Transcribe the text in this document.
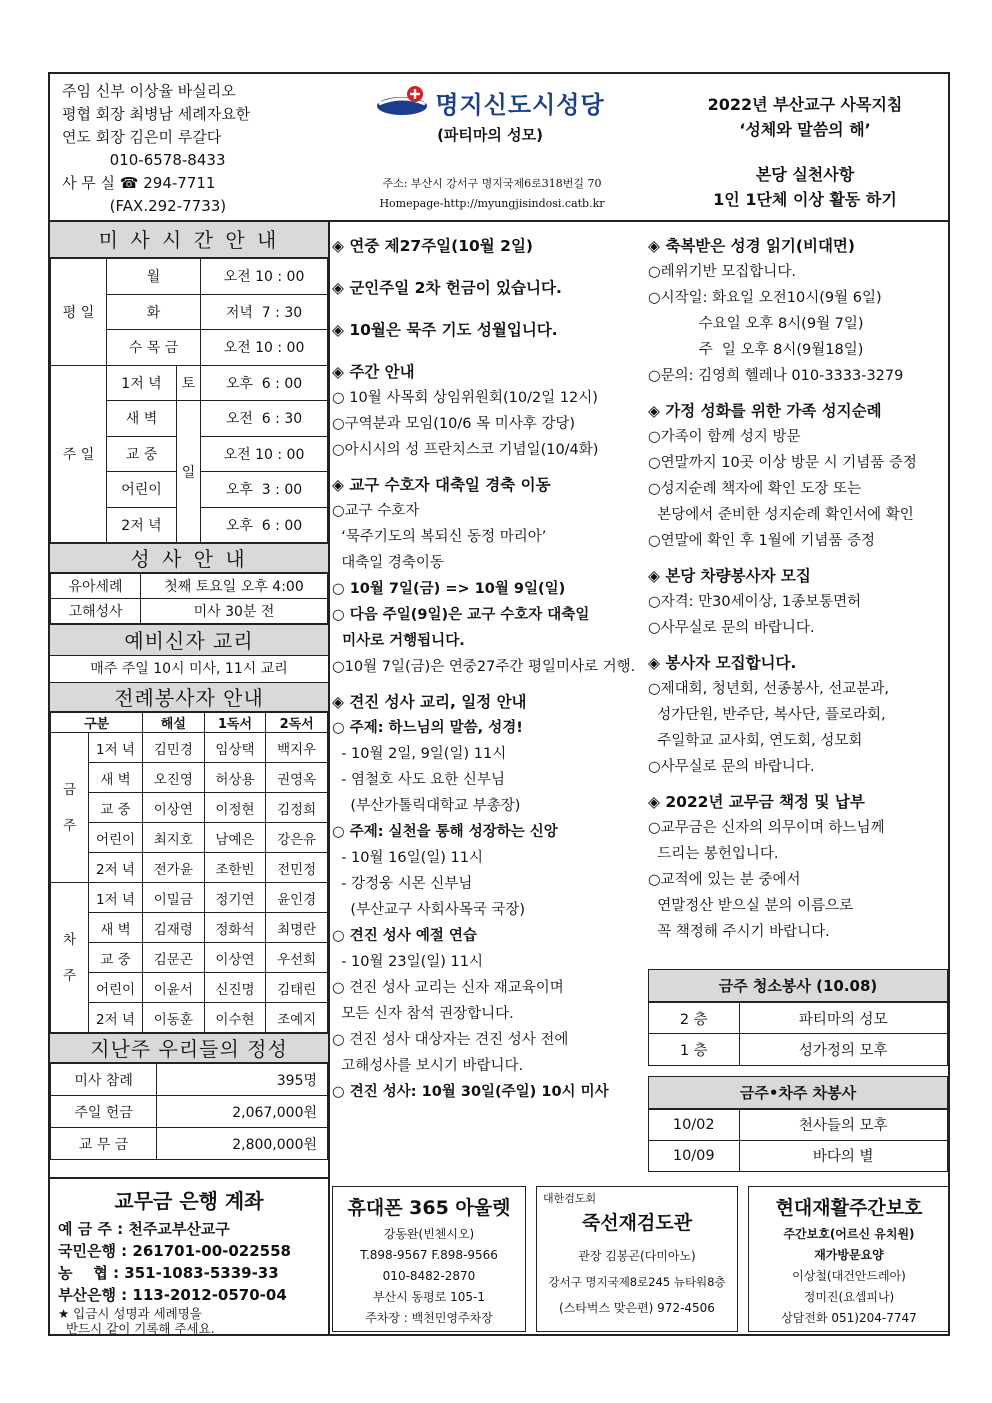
주임 신부 이상율 바실리오
평협 회장 최병남 세례자요한
연도 회장 김은미 루갈다
010-6578-8433
사 무 실 ☎ 294-7711
(FAX.292-7733)
명지신도시성당
(파티마의 성모)
주소: 부산시 강서구 명지국제6로318번길 70
Homepage-http://myungjisindosi.catb.kr
2022년 부산교구 사목지침
‘성체와 말씀의 해’
본당 실천사항
1인 1단체 이상 활동 하기
미 사 시 간 안 내
평 일	월		오전 10 : 00
	화		저녁  7 : 30
	수 목 금		오전 10 : 00
주 일	1저 녁	토	오후  6 : 00
	새 벽	일	오전  6 : 30
	교 중		오전 10 : 00
	어린이		오후  3 : 00
	2저 녁		오후  6 : 00
성 사 안 내
유아세례	첫째 토요일 오후 4:00
고해성사	미사 30분 전
예비신자 교리
매주 주일 10시 미사, 11시 교리
전례봉사자 안내
구분		해설	1독서	2독서
금

주	1저 녁	김민경	임상택	백지우
	새 벽	오진영	허상용	권영옥
	교 중	이상연	이정현	김정희
	어린이	최지호	남예은	강은유
	2저 녁	전가윤	조한빈	전민정
차

주	1저 녁	이밀금	정기연	윤인경
	새 벽	김재령	정화석	최명란
	교 중	김문곤	이상연	우선희
	어린이	이윤서	신진명	김태린
	2저 녁	이동훈	이수현	조예지
지난주 우리들의 정성
미사 참례	395명
주일 헌금	2,067,000원
교 무 금	2,800,000원
교무금 은행 계좌
예 금 주 : 천주교부산교구
국민은행 : 261701-00-022558
농    협 : 351-1083-5339-33
부산은행 : 113-2012-0570-04
★ 입금시 성명과 세례명을
반드시 같이 기록해 주세요.
◈ 연중 제27주일(10월 2일)
◈ 군인주일 2차 헌금이 있습니다.
◈ 10월은 묵주 기도 성월입니다.
◈ 주간 안내
○ 10월 사목회 상임위원회(10/2일 12시)
○구역분과 모임(10/6 목 미사후 강당)
○아시시의 성 프란치스코 기념일(10/4화)
◈ 교구 수호자 대축일 경축 이동
○교구 수호자
‘묵주기도의 복되신 동정 마리아’
대축일 경축이동
○ 10월 7일(금) => 10월 9일(일)
○ 다음 주일(9일)은 교구 수호자 대축일
미사로 거행됩니다.
○10월 7일(금)은 연중27주간 평일미사로 거행.
◈ 견진 성사 교리, 일정 안내
○ 주제: 하느님의 말씀, 성경!
- 10월 2일, 9일(일) 11시
- 염철호 사도 요한 신부님
(부산가톨릭대학교 부총장)
○ 주제: 실천을 통해 성장하는 신앙
- 10월 16일(일) 11시
- 강정웅 시몬 신부님
(부산교구 사회사목국 국장)
○ 견진 성사 예절 연습
- 10월 23일(일) 11시
○ 견진 성사 교리는 신자 재교육이며
모든 신자 참석 권장합니다.
○ 견진 성사 대상자는 견진 성사 전에
고해성사를 보시기 바랍니다.
○ 견진 성사: 10월 30일(주일) 10시 미사
◈ 축복받은 성경 읽기(비대면)
○레위기반 모집합니다.
○시작일: 화요일 오전10시(9월 6일)
수요일 오후 8시(9월 7일)
주  일 오후 8시(9월18일)
○문의: 김영희 헬레나 010-3333-3279
◈ 가정 성화를 위한 가족 성지순례
○가족이 함께 성지 방문
○연말까지 10곳 이상 방문 시 기념품 증정
○성지순례 책자에 확인 도장 또는
본당에서 준비한 성지순례 확인서에 확인
○연말에 확인 후 1월에 기념품 증정
◈ 본당 차량봉사자 모집
○자격: 만30세이상, 1종보통면허
○사무실로 문의 바랍니다.
◈ 봉사자 모집합니다.
○제대회, 청년회, 선종봉사, 선교분과,
성가단원, 반주단, 복사단, 플로라회,
주일학교 교사회, 연도회, 성모회
○사무실로 문의 바랍니다.
◈ 2022년 교무금 책정 및 납부
○교무금은 신자의 의무이며 하느님께
드리는 봉헌입니다.
○교적에 있는 분 중에서
연말정산 받으실 분의 이름으로
꼭 책정해 주시기 바랍니다.
금주 청소봉사 (10.08)
2 층	파티마의 성모
1 층	성가정의 모후
금주•차주 차봉사
10/02	천사들의 모후
10/09	바다의 별
휴대폰 365 아울렛
강동완(빈첸시오)
T.898-9567 F.898-9566
010-8482-2870
부산시 동평로 105-1
주차장 : 백천민영주차장
대한검도회
죽선재검도관
관장 김봉곤(다미아노)
강서구 명지국제8로245 뉴타워8층
(스타벅스 맞은편) 972-4506
현대재활주간보호
주간보호(어르신 유치원)
재가방문요양
이상철(대건안드레아)
정미진(요셉피나)
상담전화 051)204-7747
